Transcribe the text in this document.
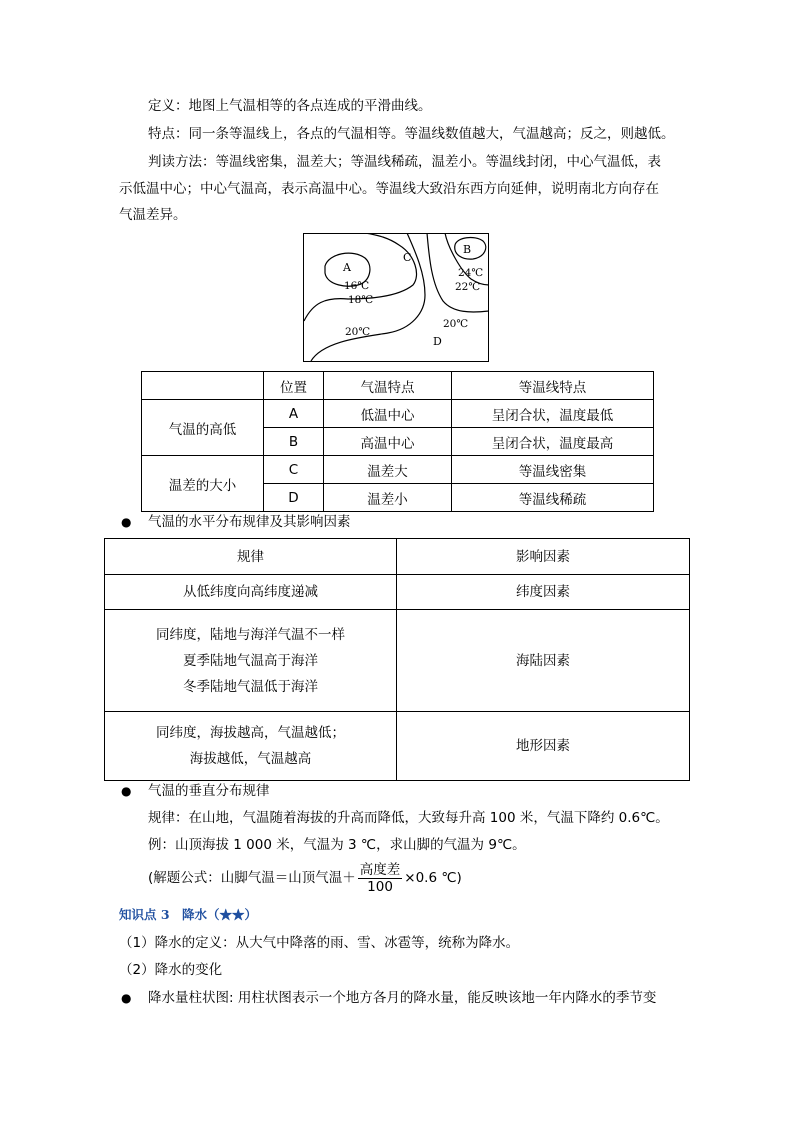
定义：地图上气温相等的各点连成的平滑曲线。
特点：同一条等温线上，各点的气温相等。等温线数值越大，气温越高；反之，则越低。
判读方法：等温线密集，温差大；等温线稀疏，温差小。等温线封闭，中心气温低，表
示低温中心；中心气温高，表示高温中心。等温线大致沿东西方向延伸，说明南北方向存在
气温差异。
A
B
C
D
16℃
18℃
20℃
20℃
22℃
24℃
	位置	气温特点	等温线特点
气温的高低	A	低温中心	呈闭合状，温度最低
	B	高温中心	呈闭合状，温度最高
温差的大小	C	温差大	等温线密集
	D	温差小	等温线稀疏
● 气温的水平分布规律及其影响因素
规律	影响因素
从低纬度向高纬度递减	纬度因素

同纬度，陆地与海洋气温不一样
夏季陆地气温高于海洋
冬季陆地气温低于海洋	海陆因素

同纬度，海拔越高，气温越低；
海拔越低，气温越高	地形因素
● 气温的垂直分布规律
规律：在山地，气温随着海拔的升高而降低，大致每升高 100 米，气温下降约 0.6℃。
例：山顶海拔 1 000 米，气温为 3 ℃，求山脚的气温为 9℃。
(解题公式：山脚气温＝山顶气温＋ $\frac{\text{高度差}}{100} \times 0.6$ ℃)
知识点 3　降水（★★）
（1）降水的定义：从大气中降落的雨、雪、冰雹等，统称为降水。
（2）降水的变化
● 降水量柱状图: 用柱状图表示一个地方各月的降水量，能反映该地一年内降水的季节变
